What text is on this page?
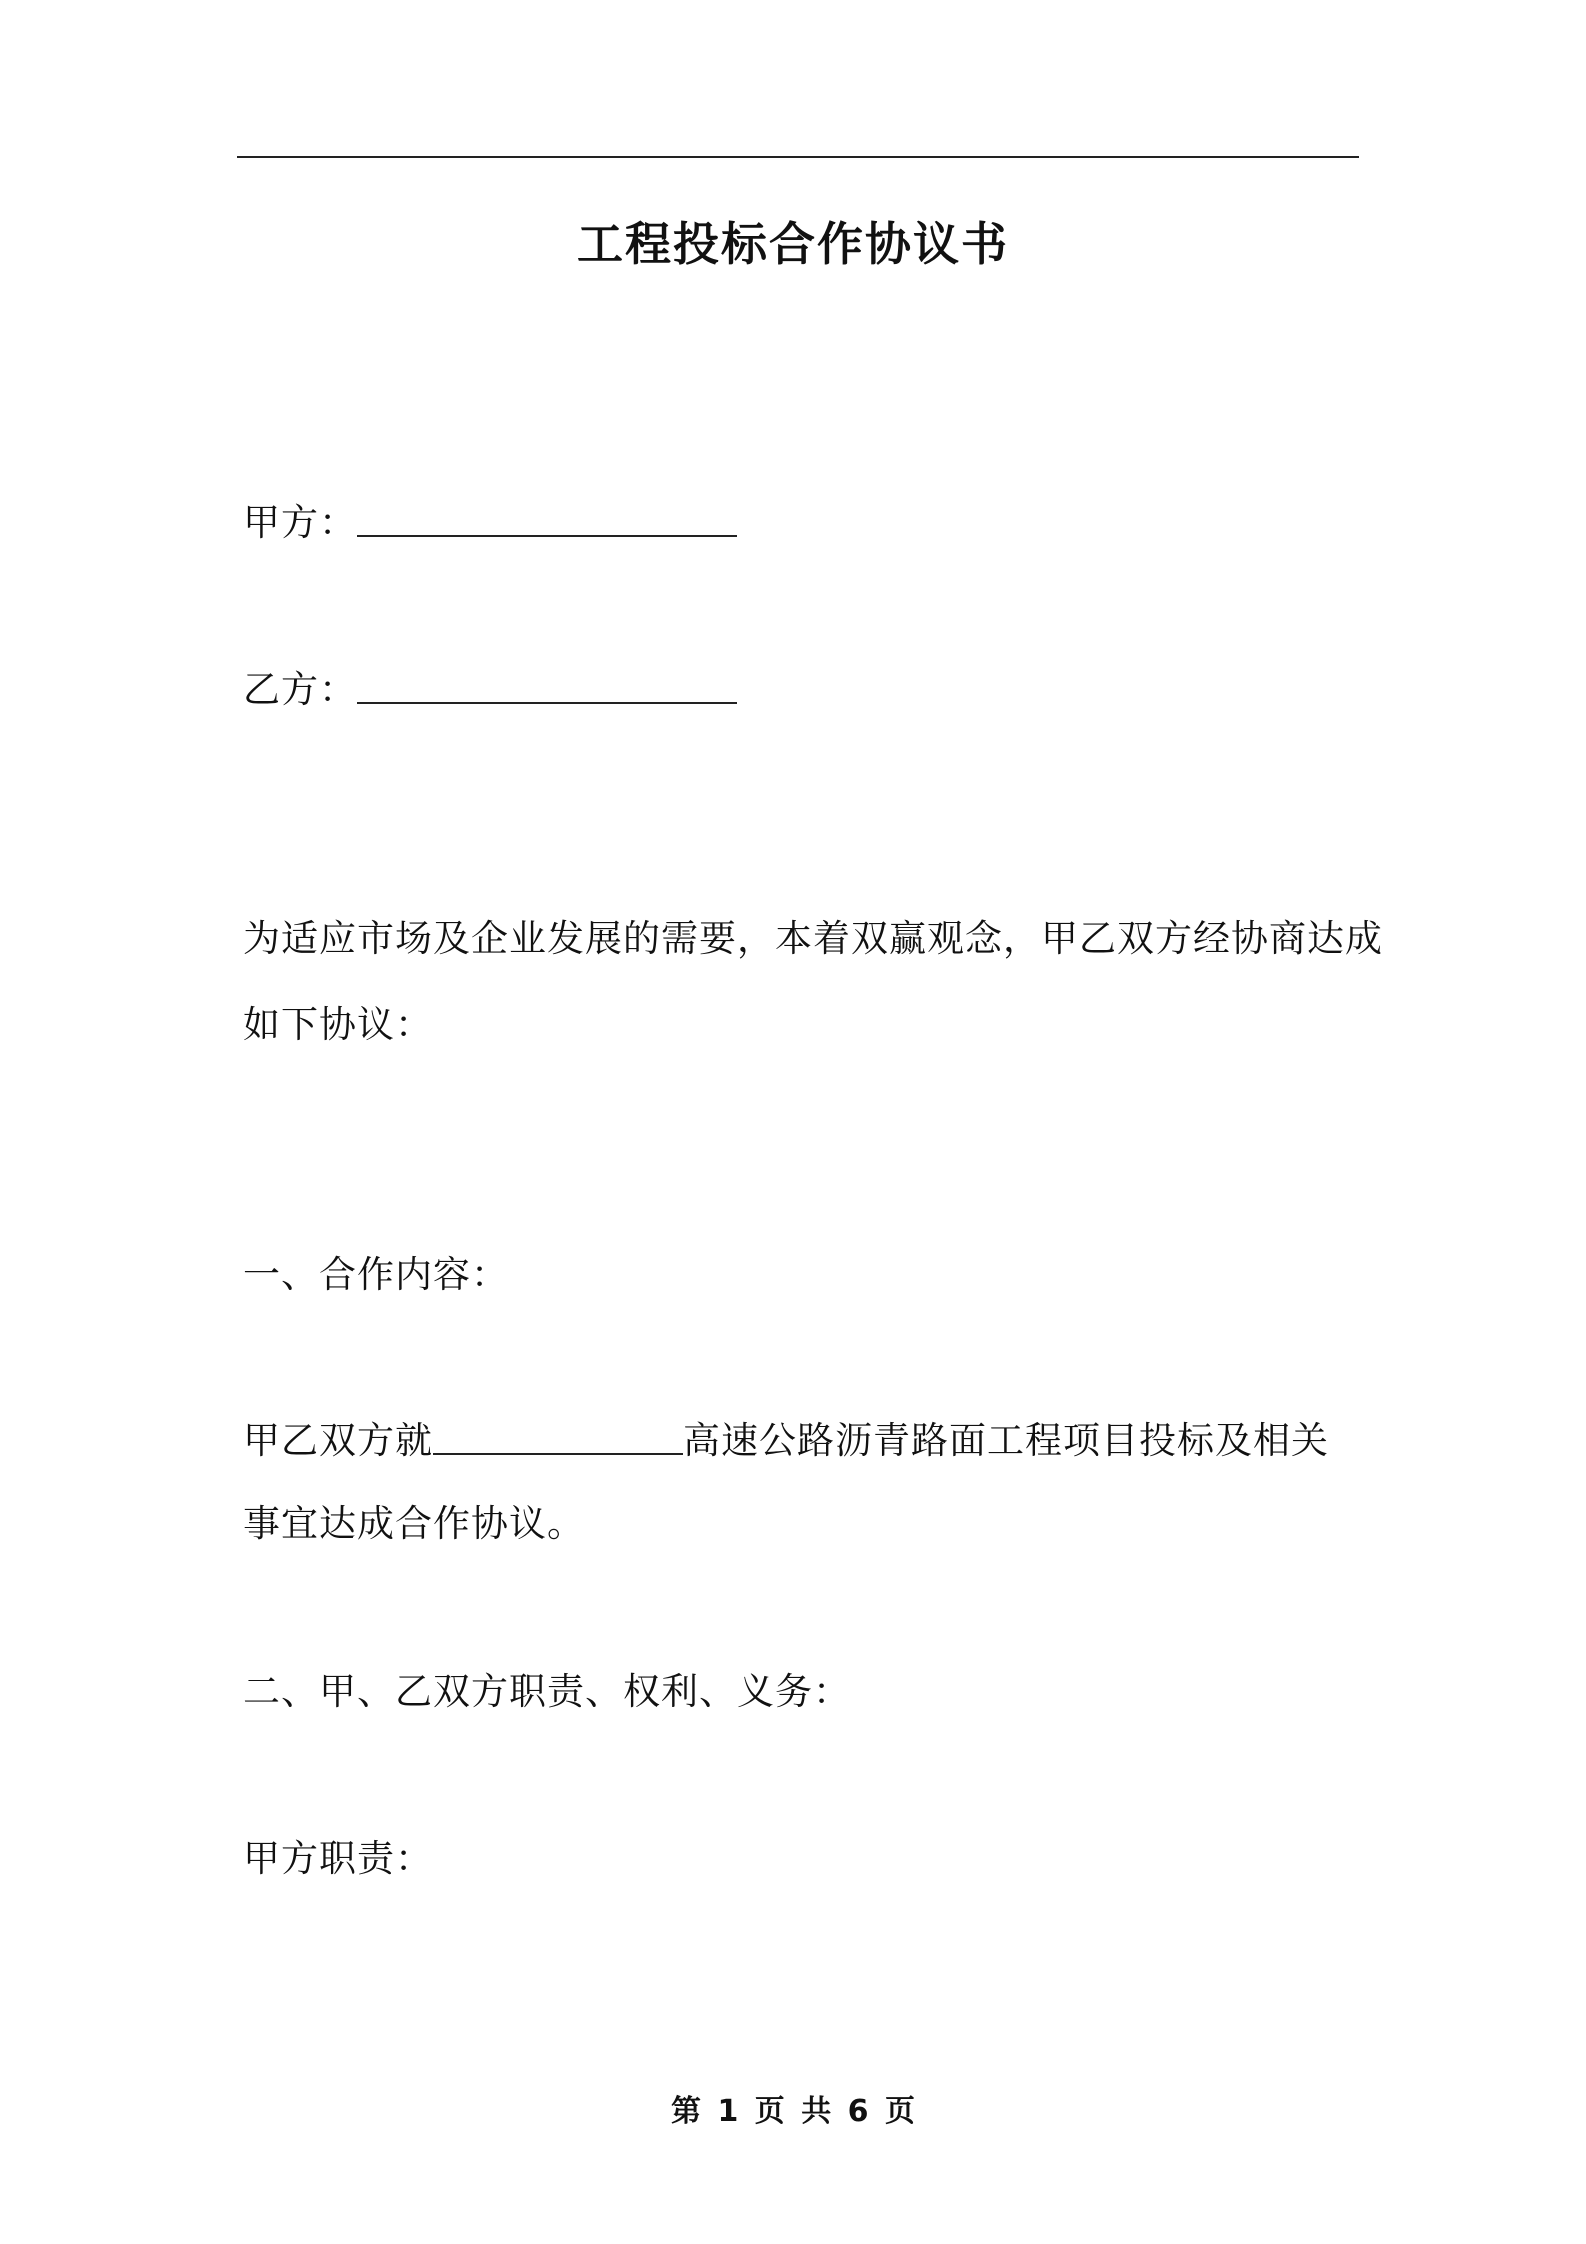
工程投标合作协议书
甲方：
乙方：
为适应市场及企业发展的需要，本着双赢观念，甲乙双方经协商达成
如下协议：
一、合作内容：
甲乙双方就	高速公路沥青路面工程项目投标及相关
事宜达成合作协议。
二、甲、乙双方职责、权利、义务：
甲方职责：
第 1 页 共 6 页
